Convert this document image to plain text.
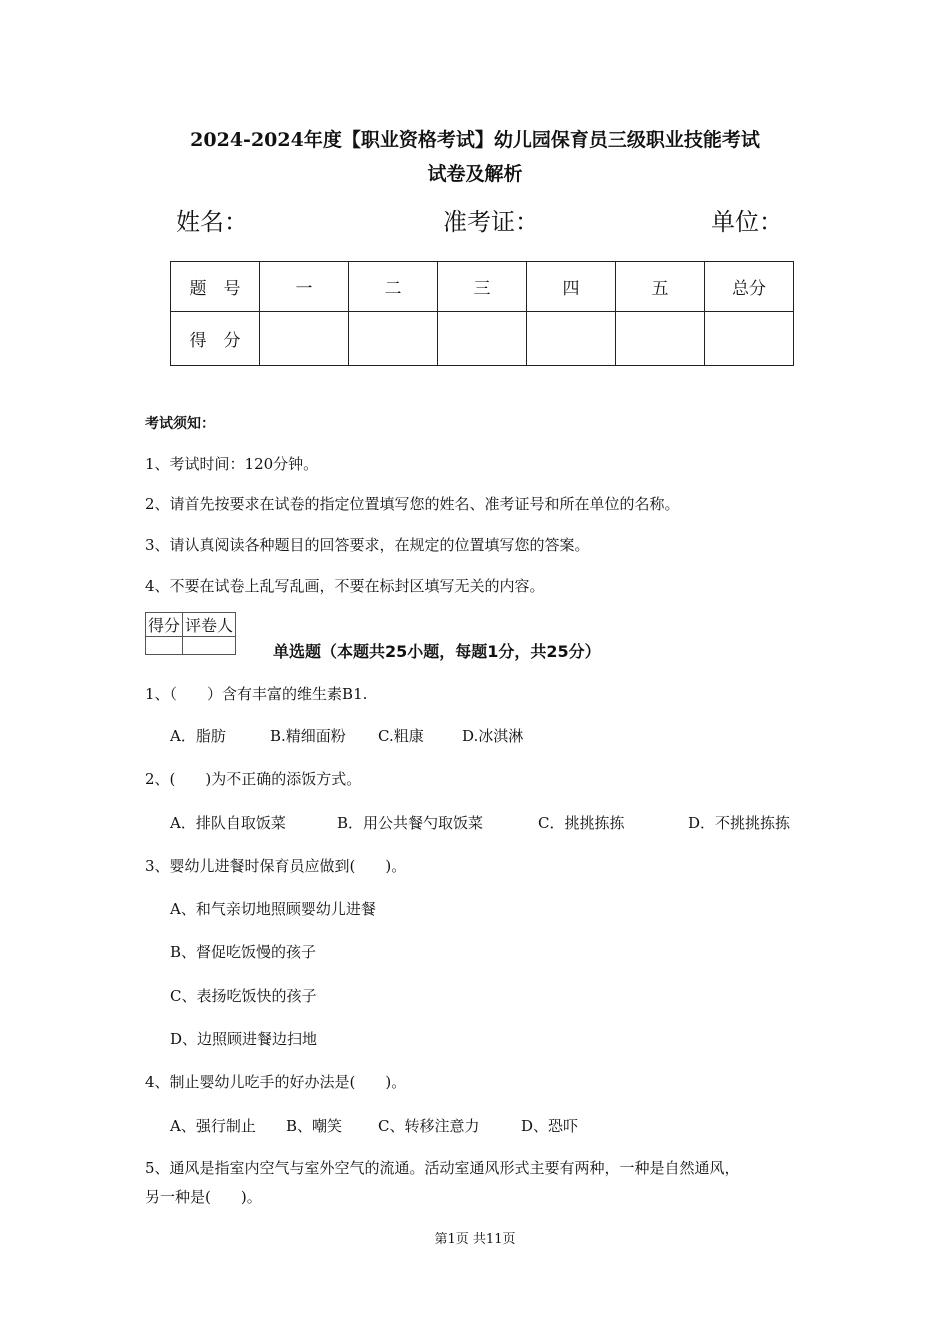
2024-2024年度【职业资格考试】幼儿园保育员三级职业技能考试
试卷及解析
姓名：	准考证：	单位：
题　号	一	二	三	四	五	总分
得　分						
考试须知：
1、考试时间：120分钟。
2、请首先按要求在试卷的指定位置填写您的姓名、准考证号和所在单位的名称。
3、请认真阅读各种题目的回答要求，在规定的位置填写您的答案。
4、不要在试卷上乱写乱画，不要在标封区填写无关的内容。
得分	评卷人

单选题（本题共25小题，每题1分，共25分）
1、（　　）含有丰富的维生素B1.
A．脂肪	B.精细面粉 C.粗康	D.冰淇淋
2、(　　)为不正确的添饭方式。
A．排队自取饭菜	B．用公共餐勺取饭菜	C．挑挑拣拣	D．不挑挑拣拣
3、婴幼儿进餐时保育员应做到(　　)。
A、和气亲切地照顾婴幼儿进餐
B、督促吃饭慢的孩子
C、表扬吃饭快的孩子
D、边照顾进餐边扫地
4、制止婴幼儿吃手的好办法是(　　)。
A、强行制止 B、嘲笑 C、转移注意力	D、恐吓
5、通风是指室内空气与室外空气的流通。活动室通风形式主要有两种，一种是自然通风，
另一种是(　　)。
第1页 共11页
